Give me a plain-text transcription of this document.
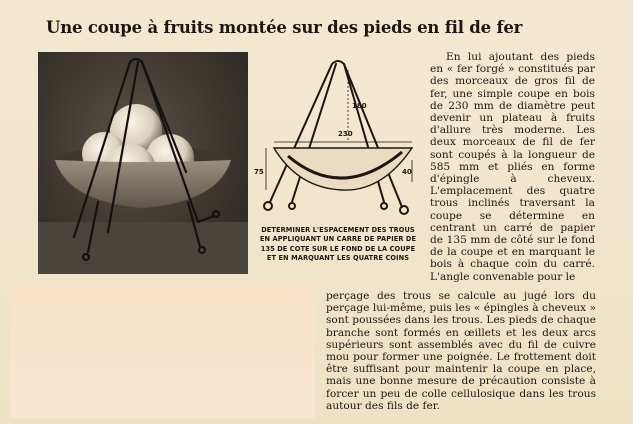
Une coupe à fruits montée sur des pieds en fil de fer
180
230
75	40
DETERMINER L'ESPACEMENT DES TROUS EN APPLIQUANT UN CARRE DE PAPIER DE 135 DE COTE SUR LE FOND DE LA COUPE ET EN MARQUANT LES QUATRE COINS
En lui ajoutant des pieds en « fer forgé » constitués par des morceaux de gros fil de fer, une simple coupe en bois de 230 mm de diamètre peut devenir un plateau à fruits d'allure très moderne. Les deux morceaux de fil de fer sont coupés à la longueur de 585 mm et pliés en forme d'épingle à cheveux. L'emplacement des quatre trous inclinés traversant la coupe se détermine en centrant un carré de papier de 135 mm de côté sur le fond de la coupe et en marquant le bois à chaque coin du carré. L'angle convenable pour le
perçage des trous se calcule au jugé lors du perçage lui-même, puis les « épingles à cheveux » sont poussées dans les trous. Les pieds de chaque branche sont formés en œillets et les deux arcs supérieurs sont assemblés avec du fil de cuivre mou pour former une poignée. Le frottement doit être suffisant pour maintenir la coupe en place, mais une bonne mesure de précaution consiste à forcer un peu de colle cellulosique dans les trous autour des fils de fer.
